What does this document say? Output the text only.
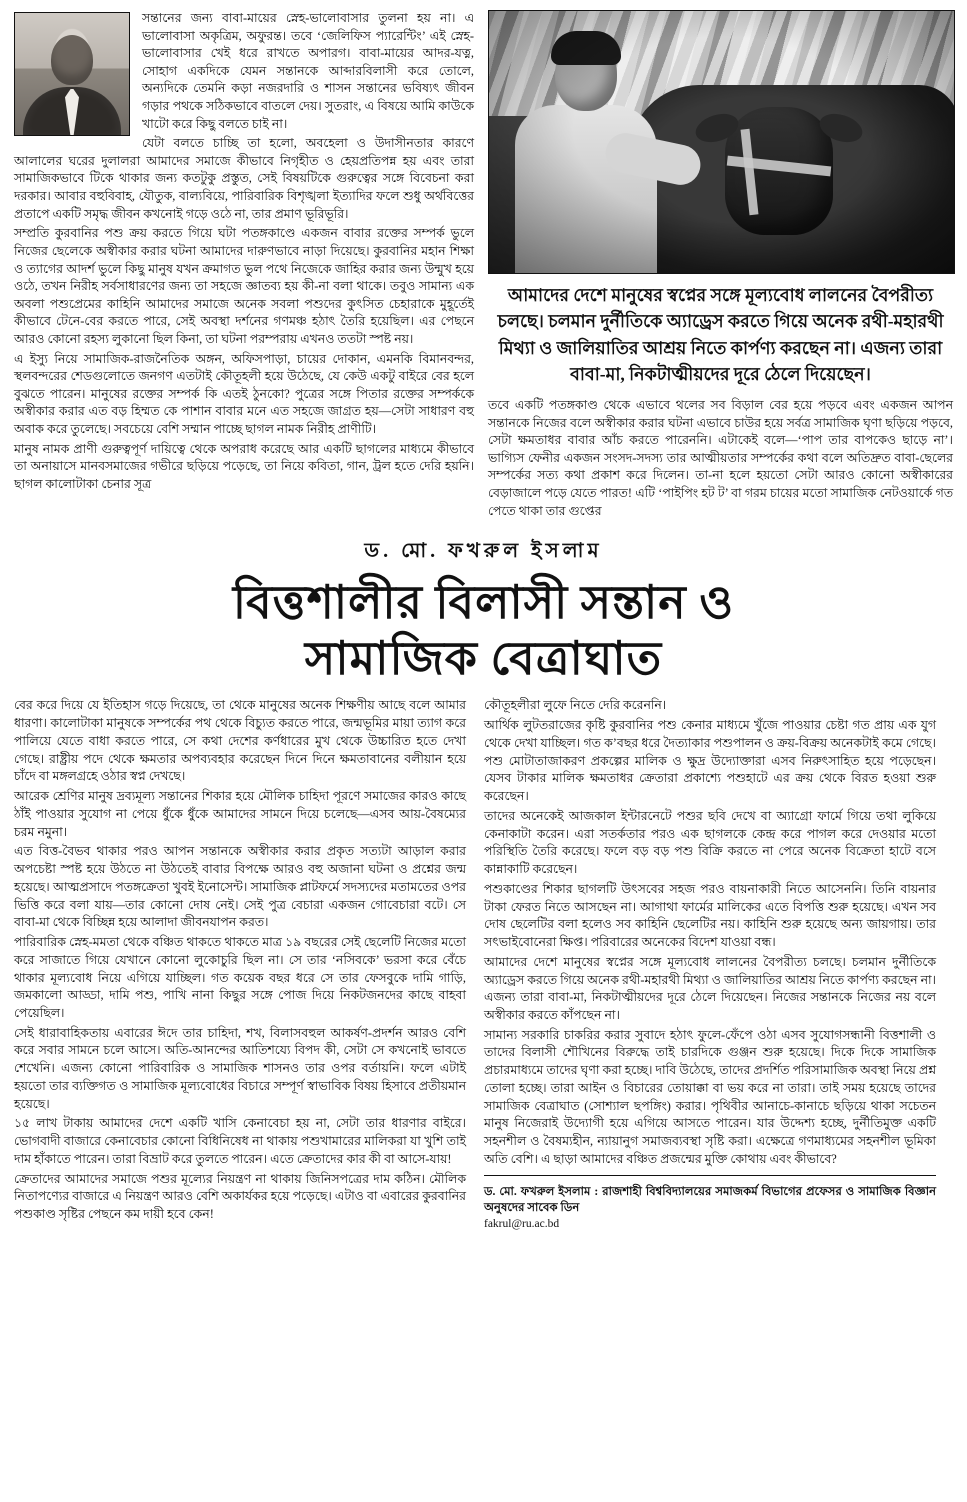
সন্তানের জন্য বাবা-মায়ের স্নেহ-ভালোবাসার তুলনা হয় না। এ ভালোবাসা অকৃত্রিম, অফুরন্ত। তবে ‘জেলিফিস প্যারেন্টিং’ এই স্নেহ-ভালোবাসার খেই ধরে রাখতে অপারগ। বাবা-মায়ের আদর-যত্ন, সোহাগ একদিকে যেমন সন্তানকে আব্দারবিলাসী করে তোলে, অন্যদিকে তেমনি কড়া নজরদারি ও শাসন সন্তানের ভবিষ্যৎ জীবন গড়ার পথকে সঠিকভাবে বাতলে দেয়। সুতরাং, এ বিষয়ে আমি কাউকে খাটো করে কিছু বলতে চাই না।

যেটা বলতে চাচ্ছি তা হলো, অবহেলা ও উদাসীনতার কারণে আলালের ঘরের দুলালরা আমাদের সমাজে কীভাবে নিগৃহীত ও হেয়প্রতিপন্ন হয় এবং তারা সামাজিকভাবে টিকে থাকার জন্য কতটুকু প্রস্তুত, সেই বিষয়টিকে গুরুত্বের সঙ্গে বিবেচনা করা দরকার। আবার বহুবিবাহ, যৌতুক, বাল্যবিয়ে, পারিবারিক বিশৃঙ্খলা ইত্যাদির ফলে শুধু অর্থবিত্তের প্রতাপে একটি সমৃদ্ধ জীবন কখনোই গড়ে ওঠে না, তার প্রমাণ ভূরিভূরি।

সম্প্রতি কুরবানির পশু ক্রয় করতে গিয়ে ঘটা পতঙ্গকাণ্ডে একজন বাবার রক্তের সম্পর্ক ভুলে নিজের ছেলেকে অস্বীকার করার ঘটনা আমাদের দারুণভাবে নাড়া দিয়েছে। কুরবানির মহান শিক্ষা ও ত্যাগের আদর্শ ভুলে কিছু মানুষ যখন ক্রমাগত ভুল পথে নিজেকে জাহির করার জন্য উন্মুখ হয়ে ওঠে, তখন নিরীহ সর্বসাধারণের জন্য তা সহজে জ্ঞাতব্য হয় কী-না বলা থাকে। তবুও সামান্য এক অবলা পশুপ্রেমের কাহিনি আমাদের সমাজে অনেক সবলা পশুদের কুৎসিত চেহারাকে মুহূর্তেই কীভাবে টেনে-বের করতে পারে, সেই অবস্থা দর্শনের গণমঞ্চ হঠাৎ তৈরি হয়েছিল। এর পেছনে আরও কোনো রহস্য লুকানো ছিল কিনা, তা ঘটনা পরম্পরায় এখনও ততটা স্পষ্ট নয়।

এ ইস্যু নিয়ে সামাজিক-রাজনৈতিক অঙ্গন, অফিসপাড়া, চায়ের দোকান, এমনকি বিমানবন্দর, স্থলবন্দরের শেডগুলোতে জনগণ এতটাই কৌতূহলী হয়ে উঠেছে, যে কেউ একটু বাইরে বের হলে বুঝতে পারেন। মানুষের রক্তের সম্পর্ক কি এতই ঠুনকো? পুত্রের সঙ্গে পিতার রক্তের সম্পর্ককে অস্বীকার করার এত বড় হিম্মত কে পাশান বাবার মনে এত সহজে জাগ্রত হয়—সেটা সাধারণ বহু অবাক করে তুলেছে। সবচেয়ে বেশি সম্মান পাচ্ছে ছাগল নামক নিরীহ প্রাণীটি।

মানুষ নামক প্রাণী গুরুত্বপূর্ণ দায়িত্বে থেকে অপরাধ করেছে আর একটি ছাগলের মাধ্যমে কীভাবে তা অনায়াসে মানবসমাজের গভীরে ছড়িয়ে পড়েছে, তা নিয়ে কবিতা, গান, ট্রল হতে দেরি হয়নি। ছাগল কালোটাকা চেনার সূত্র

আমাদের দেশে মানুষের স্বপ্নের সঙ্গে মূল্যবোধ লালনের বৈপরীত্য চলছে। চলমান দুর্নীতিকে অ্যাড্রেস করতে গিয়ে অনেক রথী-মহারথী মিথ্যা ও জালিয়াতির আশ্রয় নিতে কার্পণ্য করছেন না। এজন্য তারা বাবা-মা, নিকটাত্মীয়দের দূরে ঠেলে দিয়েছেন।

তবে একটি পতঙ্গকাণ্ড থেকে এভাবে থলের সব বিড়াল বের হয়ে পড়বে এবং একজন আপন সন্তানকে নিজের বলে অস্বীকার করার ঘটনা এভাবে চাউর হয়ে সর্বত্র সামাজিক ঘৃণা ছড়িয়ে পড়বে, সেটা ক্ষমতাধর বাবার আঁচ করতে পারেননি। এটাকেই বলে—‘পাপ তার বাপকেও ছাড়ে না’। ভাগ্যিস ফেনীর একজন সংসদ-সদস্য তার আত্মীয়তার সম্পর্কের কথা বলে অতিদ্রুত বাবা-ছেলের সম্পর্কের সত্য কথা প্রকাশ করে দিলেন। তা-না হলে হয়তো সেটা আরও কোনো অস্বীকারের বেড়াজালে পড়ে যেতে পারত! এটি ‘পাইপিং হট ট’ বা গরম চায়ের মতো সামাজিক নেটওয়ার্কে গত পেতে থাকা তার গুপ্তের

ড. মো. ফখরুল ইসলাম
বিত্তশালীর বিলাসী সন্তান ও
সামাজিক বেত্রাঘাত

বের করে দিয়ে যে ইতিহাস গড়ে দিয়েছে, তা থেকে মানুষের অনেক শিক্ষণীয় আছে বলে আমার ধারণা। কালোটাকা মানুষকে সম্পর্কের পথ থেকে বিচ্যুত করতে পারে, জন্মভূমির মায়া ত্যাগ করে পালিয়ে যেতে বাধা করতে পারে, সে কথা দেশের কর্ণধারের মুখ থেকে উচ্চারিত হতে দেখা গেছে। রাষ্ট্রীয় পদে থেকে ক্ষমতার অপব্যবহার করেছেন দিনে দিনে ক্ষমতাবানের বলীয়ান হয়ে চাঁদে বা মঙ্গলগ্রহে ওঠার স্বপ্ন দেখছে।

আরেক শ্রেণির মানুষ দ্রব্যমূল্য সন্তানের শিকার হয়ে মৌলিক চাহিদা পূরণে সমাজের কারও কাছে ঠাঁই পাওয়ার সুযোগ না পেয়ে ধুঁকে ধুঁকে আমাদের সামনে দিয়ে চলেছে—এসব আয়-বৈষম্যের চরম নমুনা।

এত বিত্ত-বৈভব থাকার পরও আপন সন্তানকে অস্বীকার করার প্রকৃত সত্যটা আড়াল করার অপচেষ্টা স্পষ্ট হয়ে উঠতে না উঠতেই বাবার বিপক্ষে আরও বহু অজানা ঘটনা ও প্রশ্নের জন্ম হয়েছে। আত্মপ্রসাদে পতঙ্গক্রেতা খুবই ইনোসেন্ট। সামাজিক প্লাটফর্মে সদস্যদের মতামতের ওপর ভিত্তি করে বলা যায়—তার কোনো দোষ নেই। সেই পুত্র বেচারা একজন গোবেচারা বটে। সে বাবা-মা থেকে বিচ্ছিন্ন হয়ে আলাদা জীবনযাপন করত।

পারিবারিক স্নেহ-মমতা থেকে বঞ্চিত থাকতে থাকতে মাত্র ১৯ বছরের সেই ছেলেটি নিজের মতো করে সাজাতে গিয়ে যেখানে কোনো লুকোচুরি ছিল না। সে তার ‘নসিবকে’ ভরসা করে বেঁচে থাকার মূল্যবোধ নিয়ে এগিয়ে যাচ্ছিল। গত কয়েক বছর ধরে সে তার ফেসবুকে দামি গাড়ি, জমকালো আড্ডা, দামি পশু, পাখি নানা কিছুর সঙ্গে পোজ দিয়ে নিকটজনদের কাছে বাহবা পেয়েছিল।

সেই ধারাবাহিকতায় এবারের ঈদে তার চাহিদা, শখ, বিলাসবহুল আকর্ষণ-প্রদর্শন আরও বেশি করে সবার সামনে চলে আসে। অতি-আনন্দের আতিশয্যে বিপদ কী, সেটা সে কখনোই ভাবতে শেখেনি। এজন্য কোনো পারিবারিক ও সামাজিক শাসনও তার ওপর বর্তায়নি। ফলে এটাই হয়তো তার ব্যক্তিগত ও সামাজিক মূল্যবোধের বিচারে সম্পূর্ণ স্বাভাবিক বিষয় হিসাবে প্রতীয়মান হয়েছে।

১৫ লাখ টাকায় আমাদের দেশে একটি খাসি কেনাবেচা হয় না, সেটা তার ধারণার বাইরে। ভোগবাদী বাজারে কেনাবেচার কোনো বিধিনিষেধ না থাকায় পশুখামারের মালিকরা যা খুশি তাই দাম হাঁকাতে পারেন। তারা বিভ্রাট করে তুলতে পারেন। এতে ক্রেতাদের কার কী বা আসে-যায়!

ক্রেতাদের আমাদের সমাজে পশুর মূল্যের নিয়ন্ত্রণ না থাকায় জিনিসপত্রের দাম কঠিন। মৌলিক নিতাপণ্যের বাজারে এ নিয়ন্ত্রণ আরও বেশি অকার্যকর হয়ে পড়েছে। এটাও বা এবারের কুরবানির পশুকাণ্ড সৃষ্টির পেছনে কম দায়ী হবে কেন!

কৌতূহলীরা লুফে নিতে দেরি করেননি।

আর্থিক লুটতরাজের কৃষ্টি কুরবানির পশু কেনার মাধ্যমে খুঁজে পাওয়ার চেষ্টা গত প্রায় এক যুগ থেকে দেখা যাচ্ছিল। গত ক’বছর ধরে দৈত্যাকার পশুপালন ও ক্রয়-বিক্রয় অনেকটাই কমে গেছে। পশু মোটাতাজাকরণ প্রকল্পের মালিক ও ক্ষুদ্র উদ্যোক্তারা এসব নিরুৎসাহিত হয়ে পড়েছেন। যেসব টাকার মালিক ক্ষমতাধর ক্রেতারা প্রকাশ্যে পশুহাটে এর ক্রয় থেকে বিরত হওয়া শুরু করেছেন।

তাদের অনেকেই আজকাল ইন্টারনেটে পশুর ছবি দেখে বা অ্যাগ্রো ফার্মে গিয়ে তথা লুকিয়ে কেনাকাটা করেন। এরা সতর্কতার পরও এক ছাগলকে কেন্দ্র করে পাগল করে দেওয়ার মতো পরিস্থিতি তৈরি করেছে। ফলে বড় বড় পশু বিক্রি করতে না পেরে অনেক বিক্রেতা হাটে বসে কান্নাকাটি করেছেন।

পশুকাণ্ডের শিকার ছাগলটি উৎসবের সহজ পরও বায়নাকারী নিতে আসেননি। তিনি বায়নার টাকা ফেরত নিতে আসছেন না। আগাথা ফার্মের মালিকের এতে বিপত্তি শুরু হয়েছে। এখন সব দোষ ছেলেটির বলা হলেও সব কাহিনি ছেলেটির নয়। কাহিনি শুরু হয়েছে অন্য জায়গায়। তার সৎভাইবোনেরা ক্ষিপ্ত। পরিবারের অনেকের বিদেশ যাওয়া বন্ধ।

আমাদের দেশে মানুষের স্বপ্নের সঙ্গে মূল্যবোধ লালনের বৈপরীত্য চলছে। চলমান দুর্নীতিকে অ্যাড্রেস করতে গিয়ে অনেক রথী-মহারথী মিথ্যা ও জালিয়াতির আশ্রয় নিতে কার্পণ্য করছেন না। এজন্য তারা বাবা-মা, নিকটাত্মীয়দের দূরে ঠেলে দিয়েছেন। নিজের সন্তানকে নিজের নয় বলে অস্বীকার করতে কাঁপছেন না।

সামান্য সরকারি চাকরির করার সুবাদে হঠাৎ ফুলে-ফেঁপে ওঠা এসব সুযোগসন্ধানী বিত্তশালী ও তাদের বিলাসী শৌখিনের বিরুদ্ধে তাই চারদিকে গুঞ্জন শুরু হয়েছে। দিকে দিকে সামাজিক প্রচারমাধ্যমে তাদের ঘৃণা করা হচ্ছে। দাবি উঠেছে, তাদের প্রদর্শিত পরিসামাজিক অবস্থা নিয়ে প্রশ্ন তোলা হচ্ছে। তারা আইন ও বিচারের তোয়াক্কা বা ভয় করে না তারা। তাই সময় হয়েছে তাদের সামাজিক বেত্রাঘাত (সোশ্যাল ছপঙ্গিং) করার। পৃথিবীর আনাচে-কানাচে ছড়িয়ে থাকা সচেতন মানুষ নিজেরাই উদ্যোগী হয়ে এগিয়ে আসতে পারেন। যার উদ্দেশ্য হচ্ছে, দুর্নীতিমুক্ত একটি সহনশীল ও বৈষম্যহীন, ন্যায়ানুগ সমাজব্যবস্থা সৃষ্টি করা। এক্ষেত্রে গণমাধ্যমের সহনশীল ভূমিকা অতি বেশি। এ ছাড়া আমাদের বঞ্চিত প্রজন্মের মুক্তি কোথায় এবং কীভাবে?

ড. মো. ফখরুল ইসলাম : রাজশাহী বিশ্ববিদ্যালয়ের সমাজকর্ম বিভাগের প্রফেসর ও সামাজিক বিজ্ঞান অনুষদের সাবেক ডিন
fakrul@ru.ac.bd
